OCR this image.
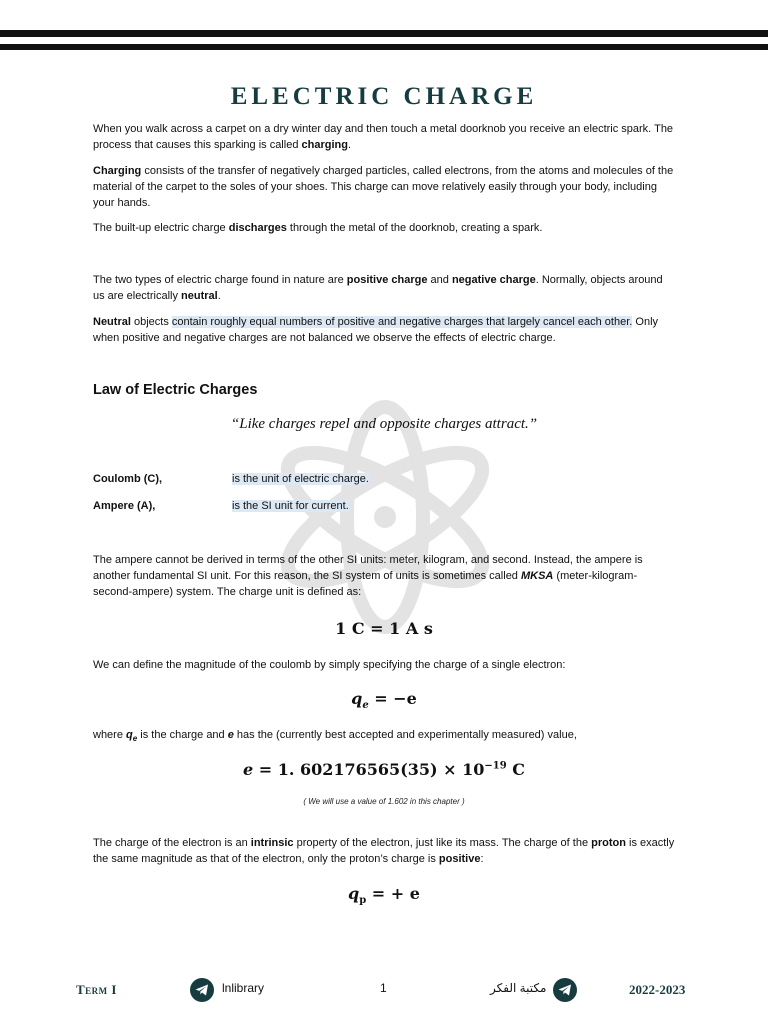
ELECTRIC CHARGE

When you walk across a carpet on a dry winter day and then touch a metal doorknob you receive an electric spark. The process that causes this sparking is called charging.

Charging consists of the transfer of negatively charged particles, called electrons, from the atoms and molecules of the material of the carpet to the soles of your shoes. This charge can move relatively easily through your body, including your hands.

The built-up electric charge discharges through the metal of the doorknob, creating a spark.

The two types of electric charge found in nature are positive charge and negative charge. Normally, objects around us are electrically neutral.

Neutral objects contain roughly equal numbers of positive and negative charges that largely cancel each other. Only when positive and negative charges are not balanced we observe the effects of electric charge.

Law of Electric Charges
“Like charges repel and opposite charges attract.”
Coulomb (C),	is the unit of electric charge.
Ampere (A),	is the SI unit for current.

The ampere cannot be derived in terms of the other SI units: meter, kilogram, and second. Instead, the ampere is another fundamental SI unit. For this reason, the SI system of units is sometimes called MKSA (meter-kilogram-second-ampere) system. The charge unit is defined as:

1 C = 1 A s

We can define the magnitude of the coulomb by simply specifying the charge of a single electron:

$q_e = -e$

where $q_e$ is the charge and e has the (currently best accepted and experimentally measured) value,

e = 1. $602176565(35) \times 10^{-19}$ C
( We will use a value of 1.602 in this chapter )

The charge of the electron is an intrinsic property of the electron, just like its mass. The charge of the proton is exactly the same magnitude as that of the electron, only the proton’s charge is positive:

$q_p$ = + e
Term I	lnlibrary	1	مكتبة الفكر	2022-2023
